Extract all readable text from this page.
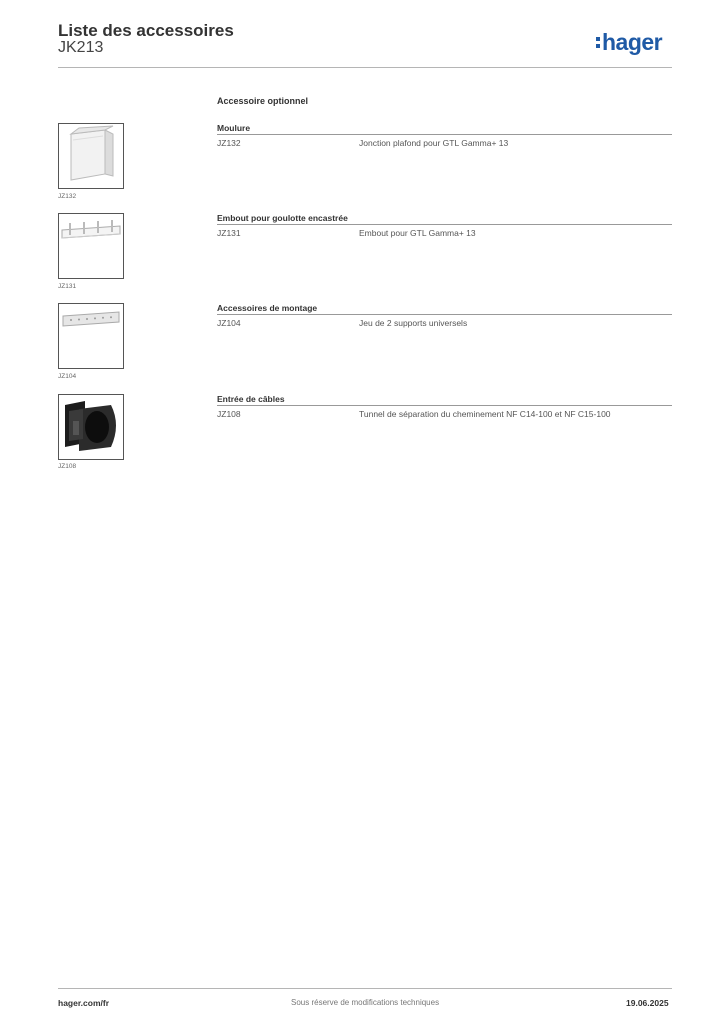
Liste des accessoires
JK213	hager
Accessoire optionnel
JZ132
Moulure
JZ132	Jonction plafond pour GTL Gamma+ 13
JZ131
Embout pour goulotte encastrée
JZ131	Embout pour GTL Gamma+ 13
JZ104
Accessoires de montage
JZ104	Jeu de 2 supports universels
JZ108
Entrée de câbles
JZ108	Tunnel de séparation du cheminement NF C14-100 et NF C15-100
hager.com/fr	Sous réserve de modifications techniques	19.06.2025
